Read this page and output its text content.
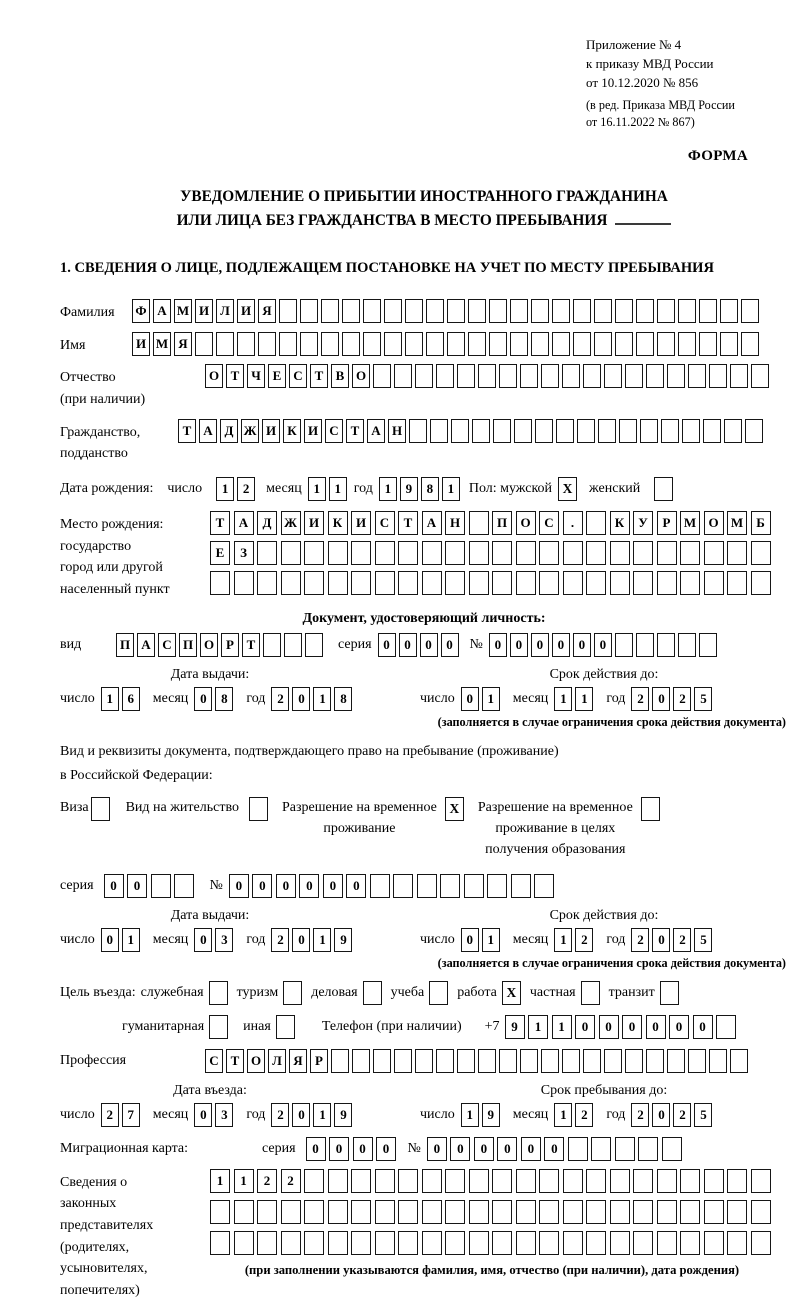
Приложение № 4
к приказу МВД России
от 10.12.2020 № 856
(в ред. Приказа МВД России
от 16.11.2022 № 867)
ФОРМА
УВЕДОМЛЕНИЕ О ПРИБЫТИИ ИНОСТРАННОГО ГРАЖДАНИНА
ИЛИ ЛИЦА БЕЗ ГРАЖДАНСТВА В МЕСТО ПРЕБЫВАНИЯ
1. СВЕДЕНИЯ О ЛИЦЕ, ПОДЛЕЖАЩЕМ ПОСТАНОВКЕ НА УЧЕТ ПО МЕСТУ ПРЕБЫВАНИЯ
Фамилия	Ф А М И Л И Я
Имя	И М Я
Отчество
(при наличии)
О Т Ч Е С Т В О
Гражданство,
подданство
Т А Д Ж И К И С Т А Н
Дата рождения: число	1	2	месяц 1	1 год 1	9	8	1	Пол: мужской X	женский
Место рождения:
государство
город или другой
населенный пункт
Т	А	Д Ж И	К	И	С	Т	А	Н	П	О	С	.	К	У	Р	М О М	Б
Е	З
Документ, удостоверяющий личность:
вид	П А С П О Р Т	серия 0	0	0	0	№ 0	0	0	0	0	0
Дата выдачи:
число 1	6	месяц 0	8	год 2	0	1	8
Срок действия до:
число 0	1	месяц 1	1	год 2	0	2	5
(заполняется в случае ограничения срока действия документа)
Вид и реквизиты документа, подтверждающего право на пребывание (проживание)
в Российской Федерации:
Виза	Вид на жительство	Разрешение на временное
проживание
X	Разрешение на временное
проживание в целях
получения образования
серия	0	0	№ 0	0	0	0	0	0
Дата выдачи:
число 0	1	месяц 0	3	год 2	0	1	9
Срок действия до:
число 0	1	месяц 1	2	год 2	0	2	5
(заполняется в случае ограничения срока действия документа)
Цель въезда: служебная туризм деловая учеба работа X частная транзит
гуманитарная	иная	Телефон (при наличии) +7 9	1	1	0	0	0	0	0	0
Профессия	С Т О Л Я Р
Дата въезда:
число 2	7	месяц 0	3	год 2	0	1	9
Срок пребывания до:
число 1	9	месяц 1	2	год 2	0	2	5
Миграционная карта:	серия	0	0	0	0	№ 0	0	0	0	0	0
Сведения о
законных
представителях
(родителях,
усыновителях,
попечителях)
1	1	2	2
(при заполнении указываются фамилия, имя, отчество (при наличии), дата рождения)
